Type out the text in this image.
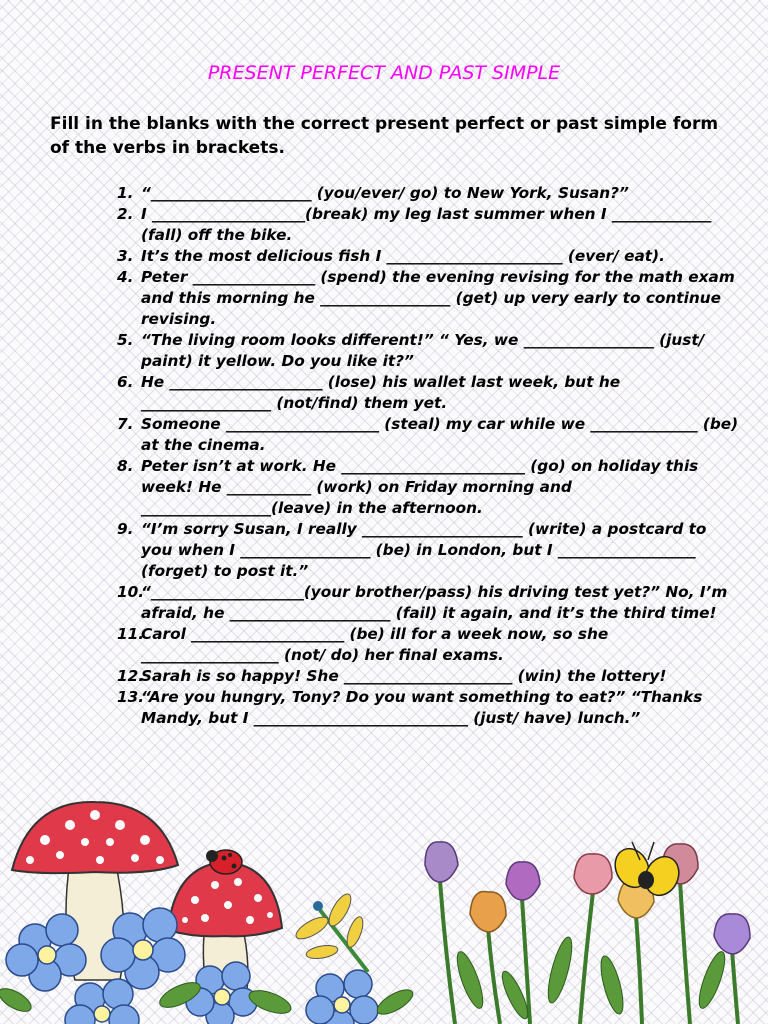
PRESENT PERFECT AND PAST SIMPLE

Fill in the blanks with the correct present perfect or past simple form of the verbs in brackets.

1. “_____________________ (you/ever/ go) to New York, Susan?”
2. I ____________________(break) my leg last summer when I _____________ (fall) off the bike.
3. It’s the most delicious fish I _______________________ (ever/ eat).
4. Peter ________________ (spend) the evening revising for the math exam and this morning he _________________ (get) up very early to continue revising.
5. “The living room looks different!” “ Yes, we _________________ (just/ paint) it yellow. Do you like it?”
6. He ____________________ (lose) his wallet last week, but he _________________ (not/find) them yet.
7. Someone ____________________ (steal) my car while we ______________ (be) at the cinema.
8. Peter isn’t at work. He ________________________ (go) on holiday this week! He ___________ (work) on Friday morning and _________________(leave) in the afternoon.
9. “I’m sorry Susan, I really _____________________ (write) a postcard to you when I _________________ (be) in London, but I __________________ (forget) to post it.”
10.
“____________________(your brother/pass) his driving test yet?” No, I’m afraid, he _____________________ (fail) it again, and it’s the third time!
11.
Carol ____________________ (be) ill for a week now, so she __________________ (not/ do) her final exams.
12.
Sarah is so happy! She ______________________ (win) the lottery!
13.
“Are you hungry, Tony? Do you want something to eat?” “Thanks Mandy, but I ____________________________ (just/ have) lunch.”
